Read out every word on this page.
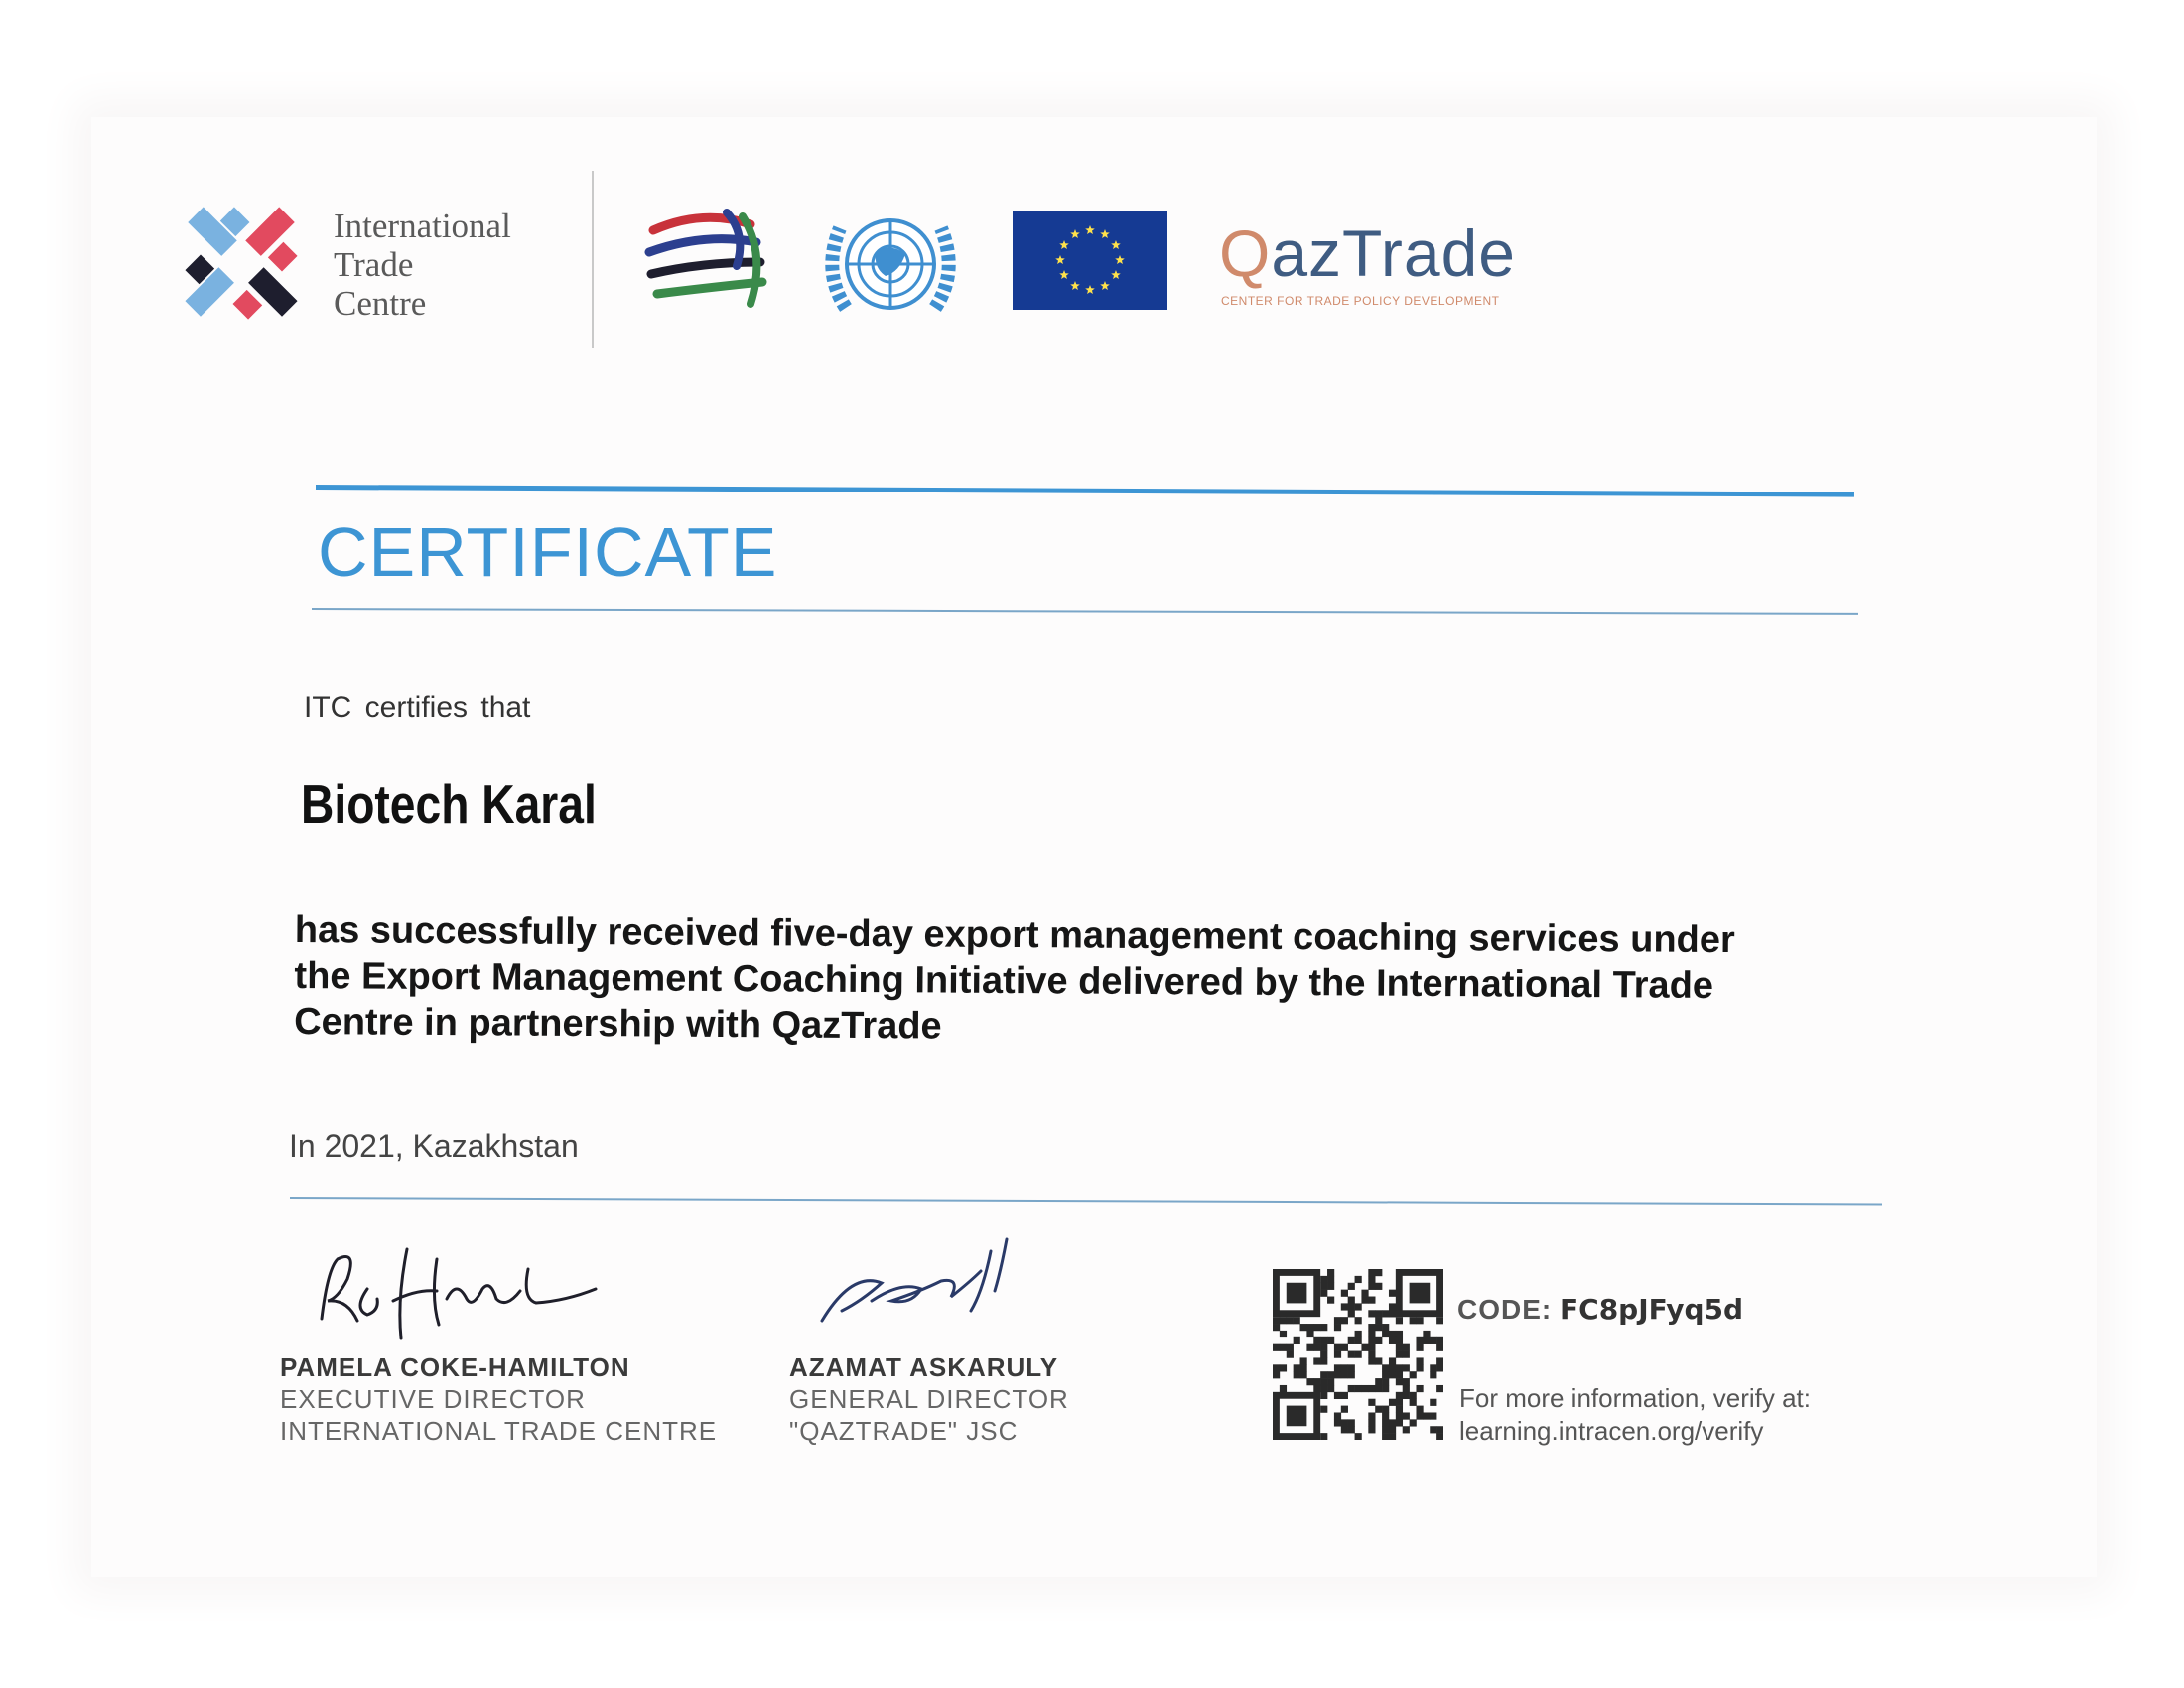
International
Trade
Centre
QazTrade
CENTER FOR TRADE POLICY DEVELOPMENT
CERTIFICATE
ITC certifies that
Biotech Karal
has successfully received five-day export management coaching services under
the Export Management Coaching Initiative delivered by the International Trade
Centre in partnership with QazTrade
In 2021, Kazakhstan
PAMELA COKE-HAMILTON
EXECUTIVE DIRECTOR
INTERNATIONAL TRADE CENTRE
AZAMAT ASKARULY
GENERAL DIRECTOR
"QAZTRADE" JSC
CODE: FC8pJFyq5d
For more information, verify at:
learning.intracen.org/verify
